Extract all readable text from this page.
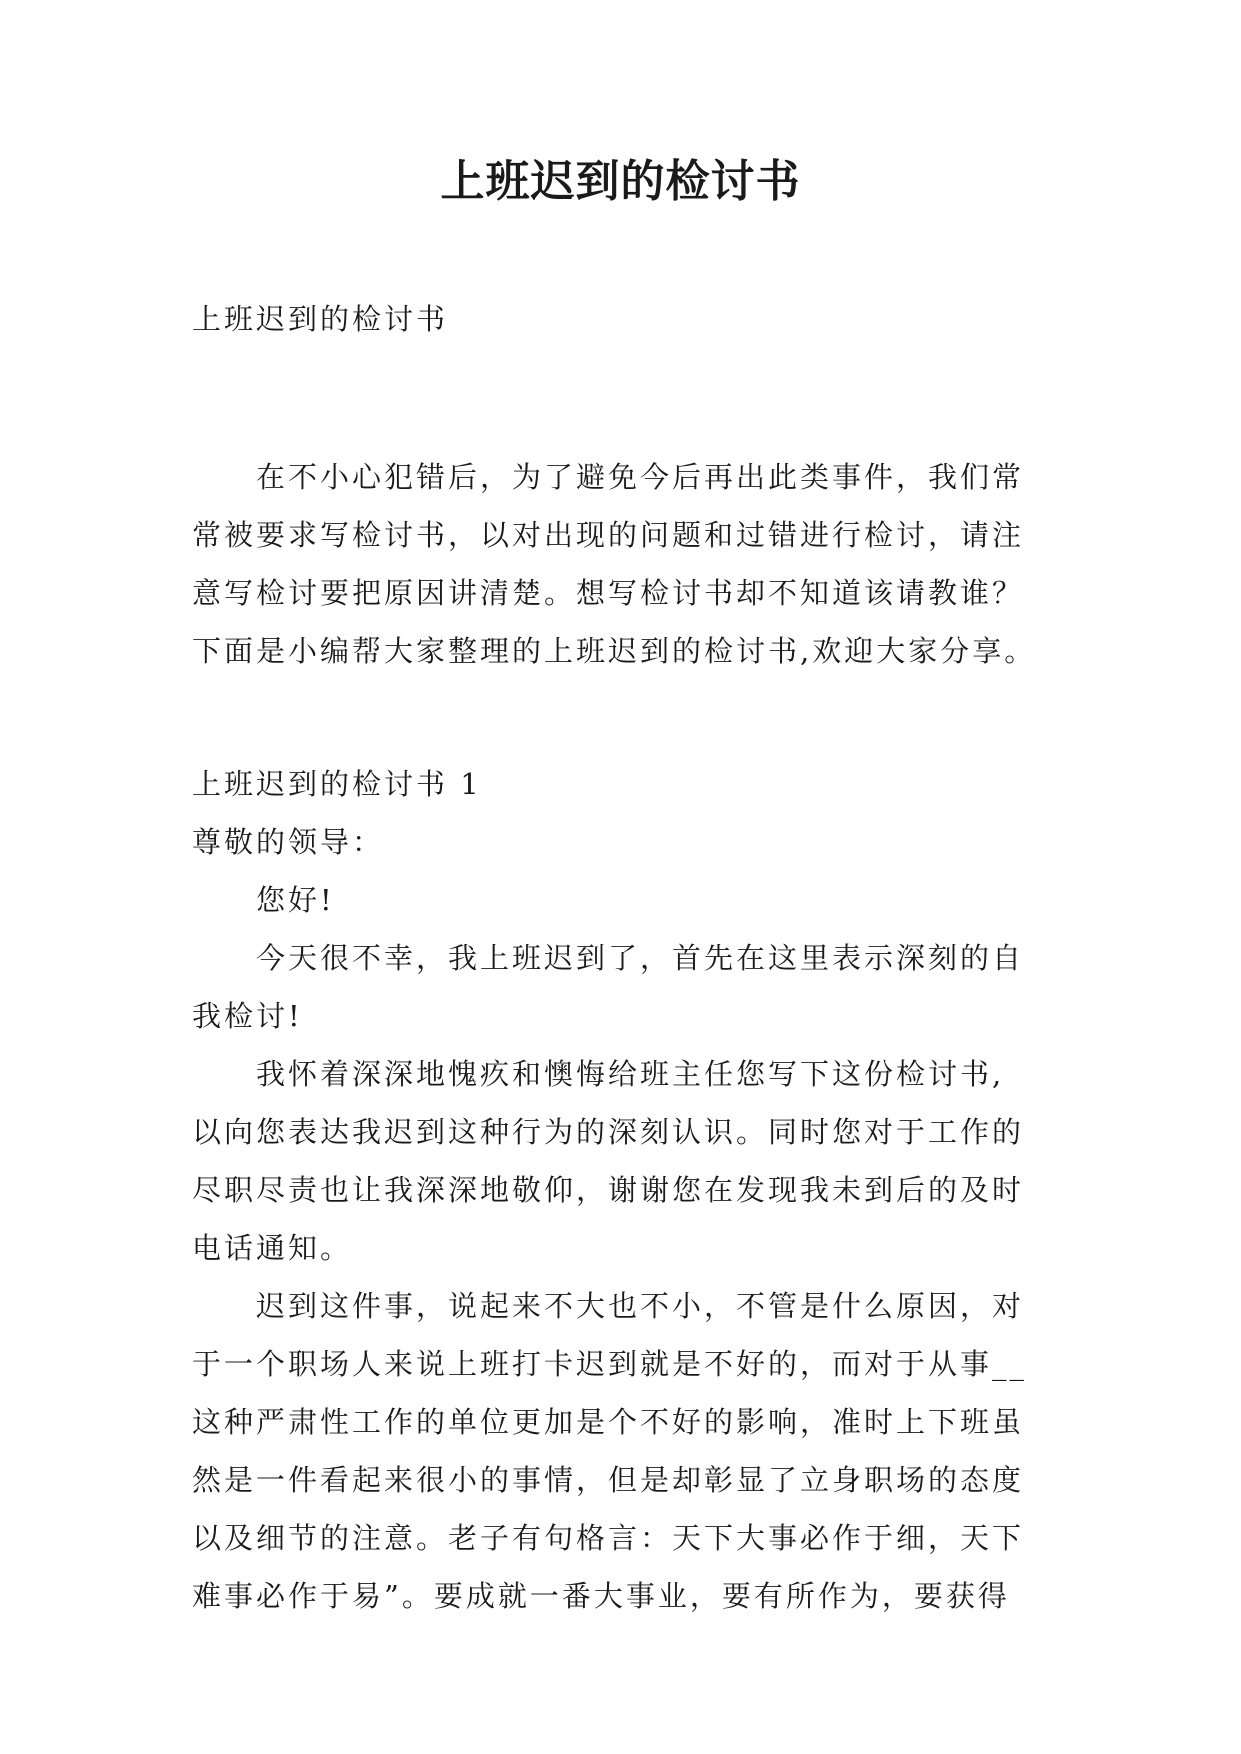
上班迟到的检讨书
上班迟到的检讨书
在不小心犯错后，为了避免今后再出此类事件，我们常
常被要求写检讨书，以对出现的问题和过错进行检讨，请注
意写检讨要把原因讲清楚。想写检讨书却不知道该请教谁？
下面是小编帮大家整理的上班迟到的检讨书,欢迎大家分享。
上班迟到的检讨书 1
尊敬的领导：
您好!
今天很不幸，我上班迟到了，首先在这里表示深刻的自
我检讨!
我怀着深深地愧疚和懊悔给班主任您写下这份检讨书,
以向您表达我迟到这种行为的深刻认识。同时您对于工作的
尽职尽责也让我深深地敬仰，谢谢您在发现我未到后的及时
电话通知。
迟到这件事，说起来不大也不小，不管是什么原因，对
于一个职场人来说上班打卡迟到就是不好的，而对于从事__
这种严肃性工作的单位更加是个不好的影响，准时上下班虽
然是一件看起来很小的事情，但是却彰显了立身职场的态度
以及细节的注意。老子有句格言：天下大事必作于细，天下
难事必作于易”。要成就一番大事业，要有所作为，要获得
